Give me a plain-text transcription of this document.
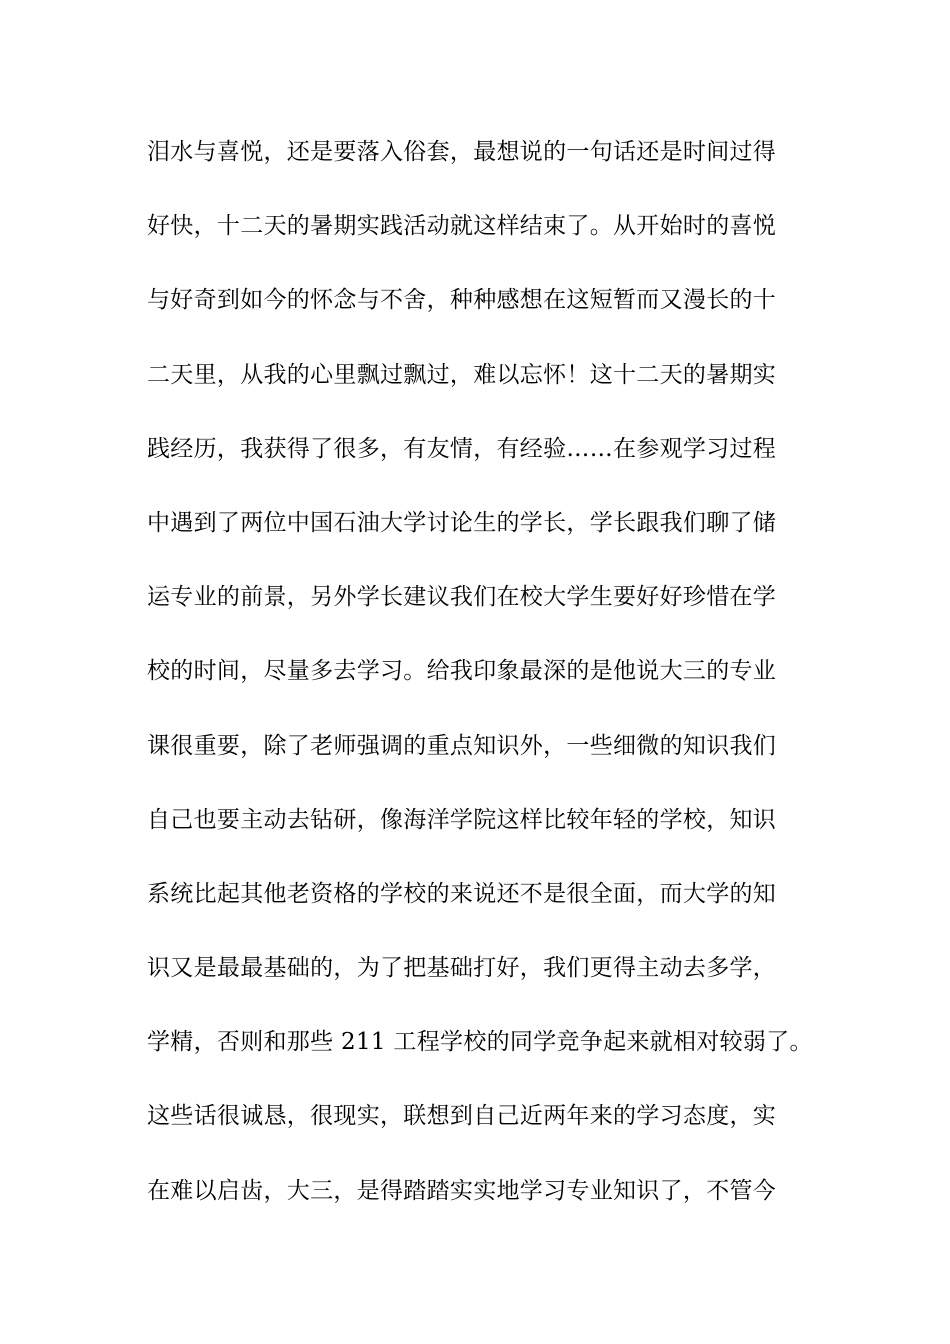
泪水与喜悦，还是要落入俗套，最想说的一句话还是时间过得
好快，十二天的暑期实践活动就这样结束了。从开始时的喜悦
与好奇到如今的怀念与不舍，种种感想在这短暂而又漫长的十
二天里，从我的心里飘过飘过，难以忘怀！这十二天的暑期实
践经历，我获得了很多，有友情，有经验……在参观学习过程
中遇到了两位中国石油大学讨论生的学长，学长跟我们聊了储
运专业的前景，另外学长建议我们在校大学生要好好珍惜在学
校的时间，尽量多去学习。给我印象最深的是他说大三的专业
课很重要，除了老师强调的重点知识外，一些细微的知识我们
自己也要主动去钻研，像海洋学院这样比较年轻的学校，知识
系统比起其他老资格的学校的来说还不是很全面，而大学的知
识又是最最基础的，为了把基础打好，我们更得主动去多学，
学精，否则和那些 211 工程学校的同学竞争起来就相对较弱了。
这些话很诚恳，很现实，联想到自己近两年来的学习态度，实
在难以启齿，大三，是得踏踏实实地学习专业知识了，不管今
